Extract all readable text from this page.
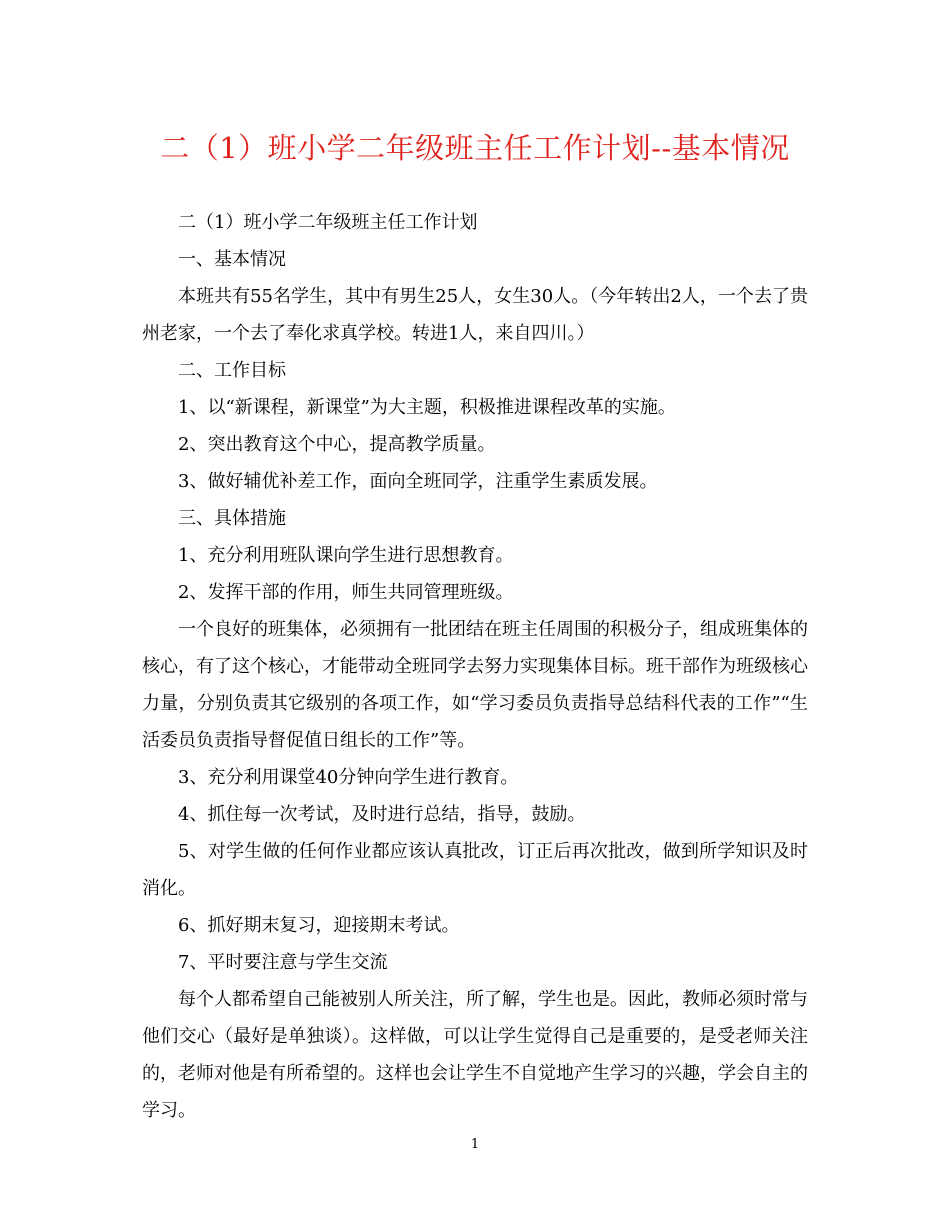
二（1）班小学二年级班主任工作计划--基本情况

二（1）班小学二年级班主任工作计划

一、基本情况

本班共有55名学生，其中有男生25人，女生30人。（今年转出2人，一个去了贵州老家，一个去了奉化求真学校。转进1人，来自四川。）

二、工作目标

1、以“新课程，新课堂”为大主题，积极推进课程改革的实施。

2、突出教育这个中心，提高教学质量。

3、做好辅优补差工作，面向全班同学，注重学生素质发展。

三、具体措施

1、充分利用班队课向学生进行思想教育。

2、发挥干部的作用，师生共同管理班级。

一个良好的班集体，必须拥有一批团结在班主任周围的积极分子，组成班集体的核心，有了这个核心，才能带动全班同学去努力实现集体目标。班干部作为班级核心力量，分别负责其它级别的各项工作，如“学习委员负责指导总结科代表的工作”“生活委员负责指导督促值日组长的工作”等。

3、充分利用课堂40分钟向学生进行教育。

4、抓住每一次考试，及时进行总结，指导，鼓励。

5、对学生做的任何作业都应该认真批改，订正后再次批改，做到所学知识及时消化。

6、抓好期末复习，迎接期末考试。

7、平时要注意与学生交流

每个人都希望自己能被别人所关注，所了解，学生也是。因此，教师必须时常与他们交心（最好是单独谈）。这样做，可以让学生觉得自己是重要的，是受老师关注的，老师对他是有所希望的。这样也会让学生不自觉地产生学习的兴趣，学会自主的学习。

1
